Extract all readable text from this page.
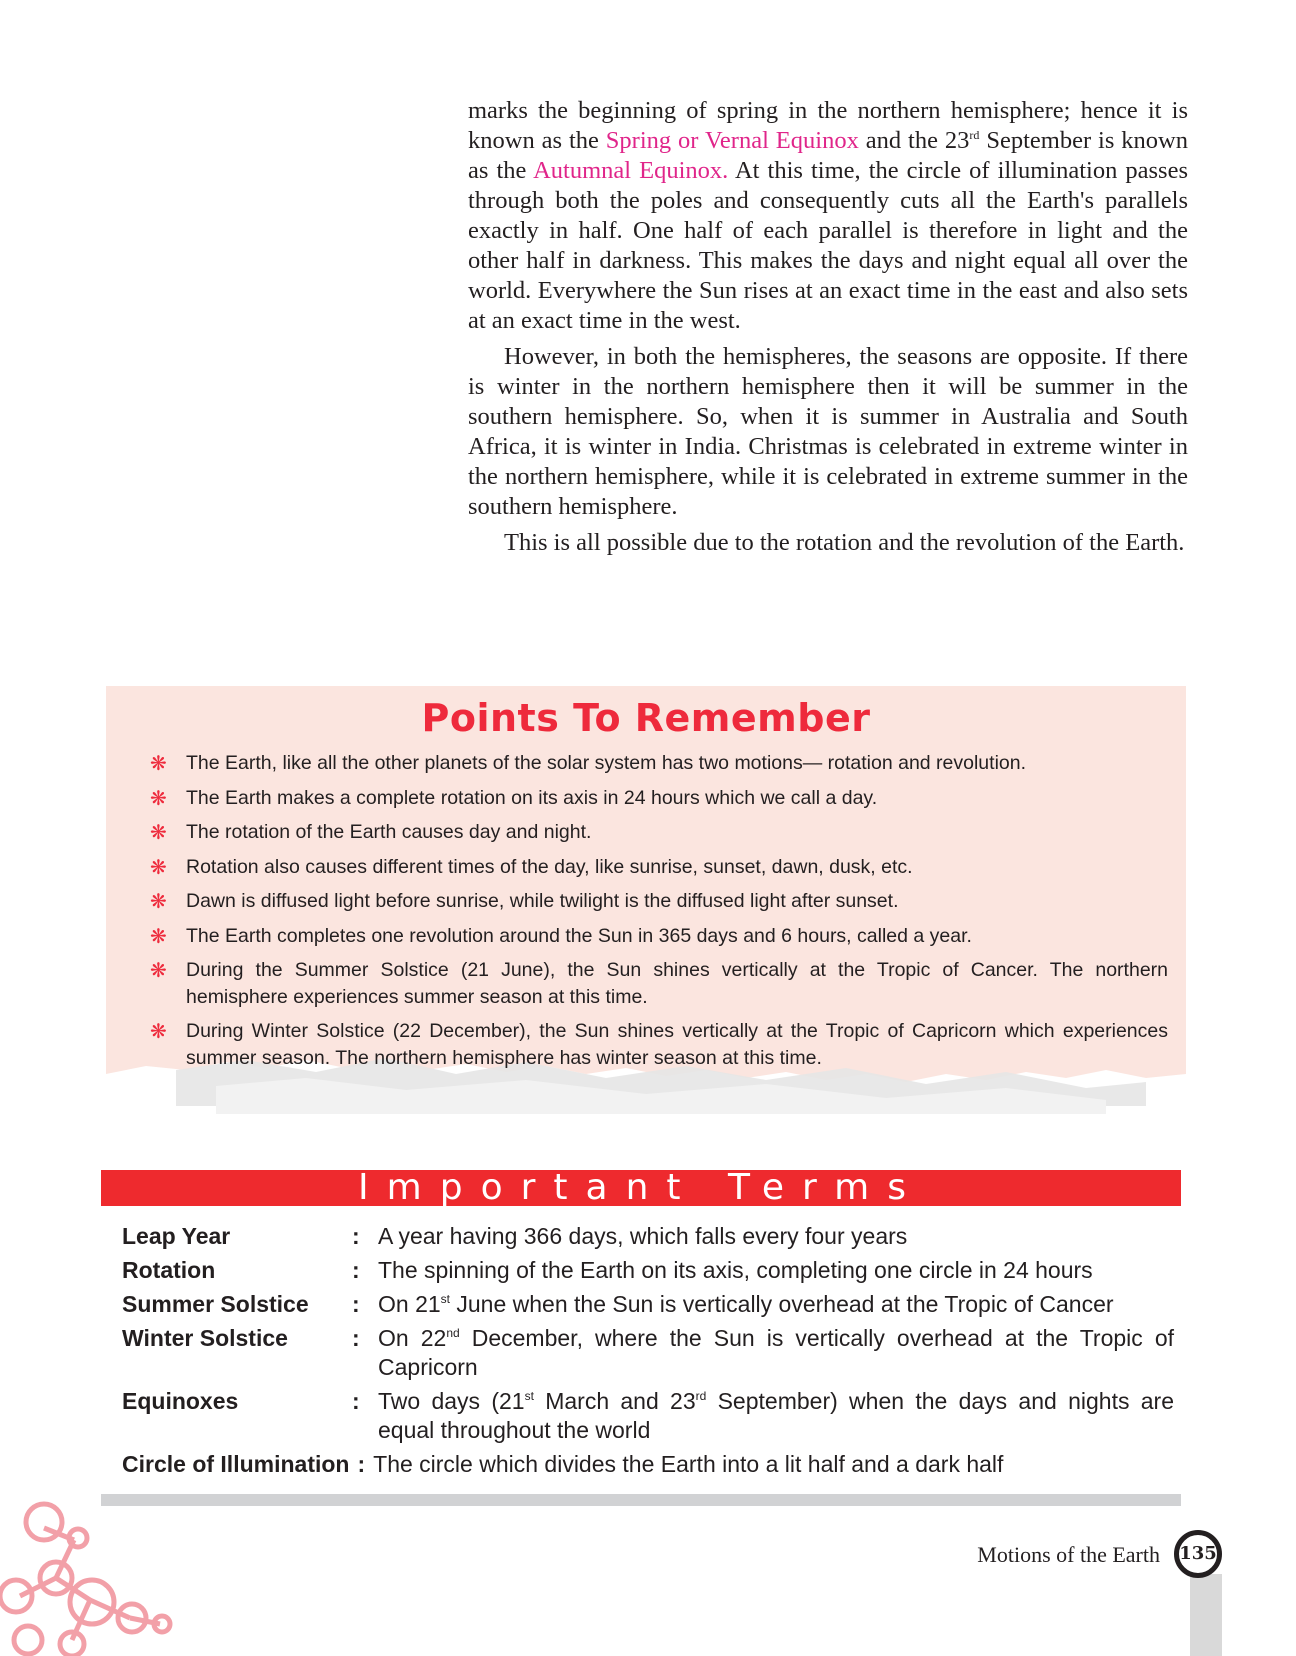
marks the beginning of spring in the northern hemisphere; hence it is known as the Spring or Vernal Equinox and the 23rd September is known as the Autumnal Equinox. At this time, the circle of illumination passes through both the poles and consequently cuts all the Earth's parallels exactly in half. One half of each parallel is therefore in light and the other half in darkness. This makes the days and night equal all over the world. Everywhere the Sun rises at an exact time in the east and also sets at an exact time in the west.

However, in both the hemispheres, the seasons are opposite. If there is winter in the northern hemisphere then it will be summer in the southern hemisphere. So, when it is summer in Australia and South Africa, it is winter in India. Christmas is celebrated in extreme winter in the northern hemisphere, while it is celebrated in extreme summer in the southern hemisphere.

This is all possible due to the rotation and the revolution of the Earth.

Points To Remember
❋ The Earth, like all the other planets of the solar system has two motions— rotation and revolution.
❋ The Earth makes a complete rotation on its axis in 24 hours which we call a day.
❋ The rotation of the Earth causes day and night.
❋ Rotation also causes different times of the day, like sunrise, sunset, dawn, dusk, etc.
❋ Dawn is diffused light before sunrise, while twilight is the diffused light after sunset.
❋ The Earth completes one revolution around the Sun in 365 days and 6 hours, called a year.
❋ During the Summer Solstice (21 June), the Sun shines vertically at the Tropic of Cancer. The northern hemisphere experiences summer season at this time.
❋ During Winter Solstice (22 December), the Sun shines vertically at the Tropic of Capricorn which experiences summer season. The northern hemisphere has winter season at this time.
Important Terms
Leap Year	: A year having 366 days, which falls every four years
Rotation	: The spinning of the Earth on its axis, completing one circle in 24 hours
Summer Solstice	: On 21st June when the Sun is vertically overhead at the Tropic of Cancer
Winter Solstice	: On 22nd December, where the Sun is vertically overhead at the Tropic of Capricorn
Equinoxes	: Two days (21st March and 23rd September) when the days and nights are equal throughout the world
Circle of Illumination : The circle which divides the Earth into a lit half and a dark half
Motions of the Earth 135
